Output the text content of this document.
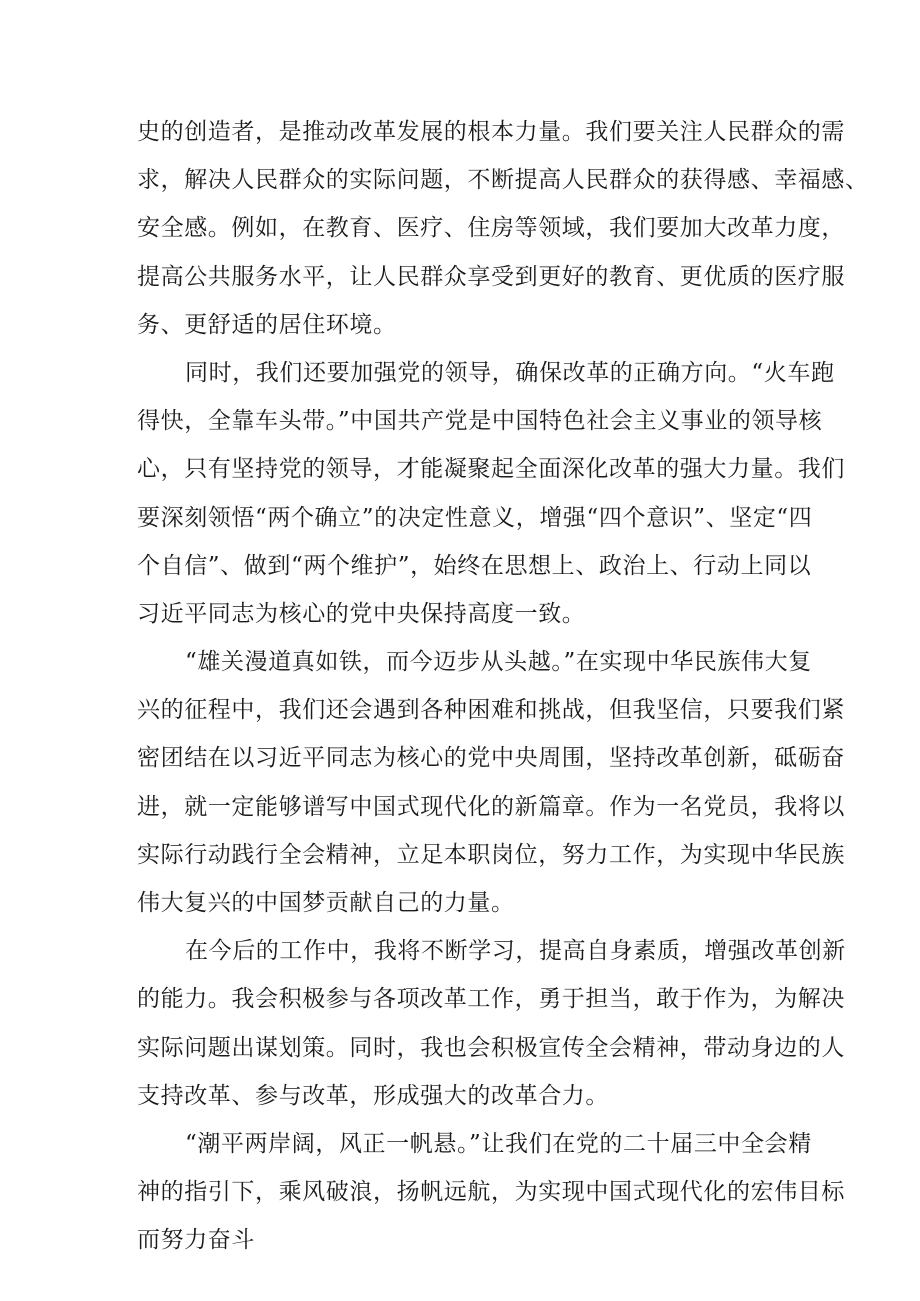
史的创造者，是推动改革发展的根本力量。我们要关注人民群众的需
求，解决人民群众的实际问题，不断提高人民群众的获得感、幸福感、
安全感。例如，在教育、医疗、住房等领域，我们要加大改革力度，
提高公共服务水平，让人民群众享受到更好的教育、更优质的医疗服
务、更舒适的居住环境。
同时，我们还要加强党的领导，确保改革的正确方向。“火车跑
得快，全靠车头带。”中国共产党是中国特色社会主义事业的领导核
心，只有坚持党的领导，才能凝聚起全面深化改革的强大力量。我们
要深刻领悟“两个确立”的决定性意义，增强“四个意识”、坚定“四
个自信”、做到“两个维护”，始终在思想上、政治上、行动上同以
习近平同志为核心的党中央保持高度一致。
“雄关漫道真如铁，而今迈步从头越。”在实现中华民族伟大复
兴的征程中，我们还会遇到各种困难和挑战，但我坚信，只要我们紧
密团结在以习近平同志为核心的党中央周围，坚持改革创新，砥砺奋
进，就一定能够谱写中国式现代化的新篇章。作为一名党员，我将以
实际行动践行全会精神，立足本职岗位，努力工作，为实现中华民族
伟大复兴的中国梦贡献自己的力量。
在今后的工作中，我将不断学习，提高自身素质，增强改革创新
的能力。我会积极参与各项改革工作，勇于担当，敢于作为，为解决
实际问题出谋划策。同时，我也会积极宣传全会精神，带动身边的人
支持改革、参与改革，形成强大的改革合力。
“潮平两岸阔，风正一帆悬。”让我们在党的二十届三中全会精
神的指引下，乘风破浪，扬帆远航，为实现中国式现代化的宏伟目标
而努力奋斗
